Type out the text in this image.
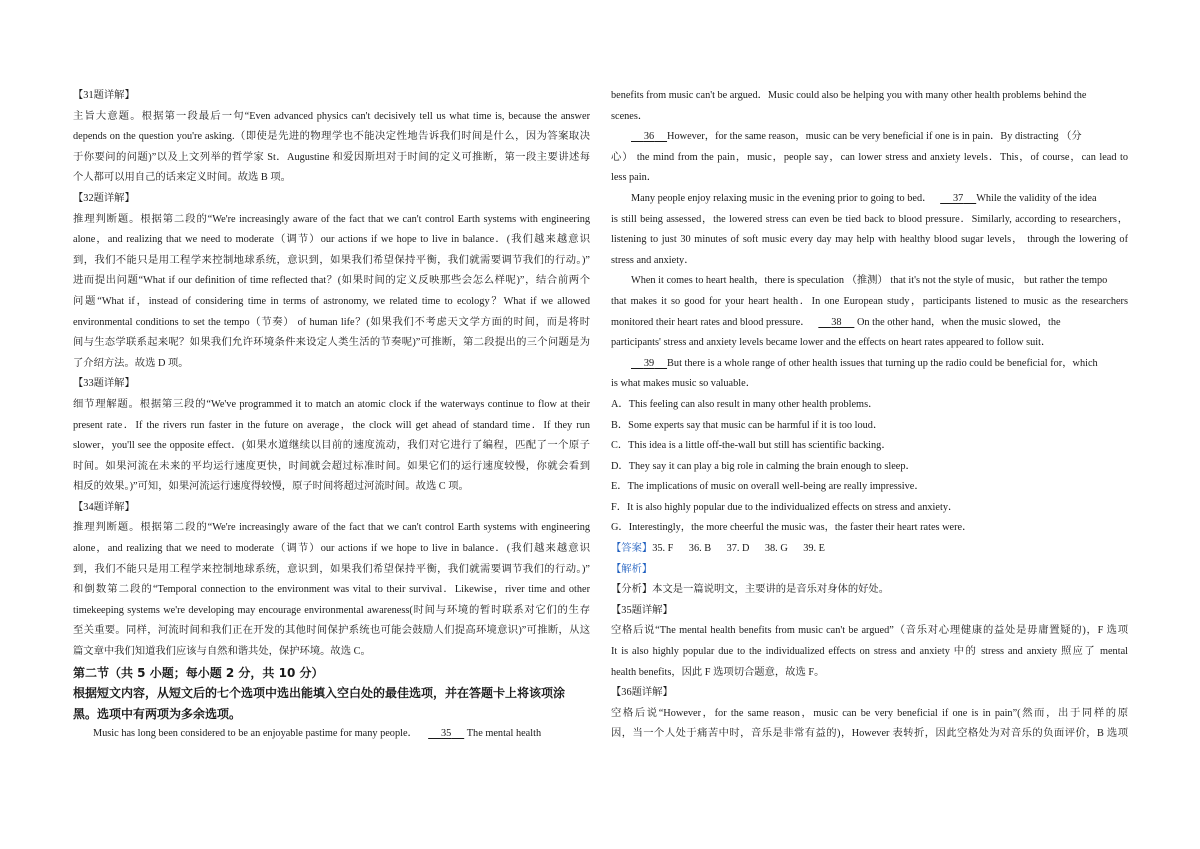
【31题详解】
主旨大意题。根据第一段最后一句“Even advanced physics can't decisively tell us what time is, because the answer
depends on the question you're asking.（即使是先进的物理学也不能决定性地告诉我们时间是什么，因为答案取决
于你要问的问题)”以及上文列举的哲学家 St．Augustine 和爱因斯坦对于时间的定义可推断，第一段主要讲述每
个人都可以用自己的话来定义时间。故选 B 项。
【32题详解】
推理判断题。根据第二段的“We're increasingly aware of the fact that we can't control Earth systems with engineering
alone，and realizing that we need to moderate（调节）our actions if we hope to live in balance．(我们越来越意识
到，我们不能只是用工程学来控制地球系统，意识到，如果我们希望保持平衡，我们就需要调节我们的行动。)”
进而提出问题“What if our definition of time reflected that？(如果时间的定义反映那些会怎么样呢)”，结合前两个
问题“What if，instead of considering time in terms of astronomy, we related time to ecology？What if we allowed
environmental conditions to set the tempo（节奏） of human life？(如果我们不考虑天文学方面的时间，而是将时
间与生态学联系起来呢？如果我们允许环境条件来设定人类生活的节奏呢)”可推断，第二段提出的三个问题是为
了介绍方法。故选 D 项。
【33题详解】
细节理解题。根据第三段的“We've programmed it to match an atomic clock if the waterways continue to flow at their
present rate．If the rivers run faster in the future on average，the clock will get ahead of standard time．If they run
slower，you'll see the opposite effect．(如果水道继续以目前的速度流动，我们对它进行了编程，匹配了一个原子
时间。如果河流在未来的平均运行速度更快，时间就会超过标准时间。如果它们的运行速度较慢，你就会看到
相反的效果。)”可知，如果河流运行速度得较慢，原子时间将超过河流时间。故选 C 项。
【34题详解】
推理判断题。根据第二段的“We're increasingly aware of the fact that we can't control Earth systems with engineering
alone，and realizing that we need to moderate（调节）our actions if we hope to live in balance．(我们越来越意识
到，我们不能只是用工程学来控制地球系统，意识到，如果我们希望保持平衡，我们就需要调节我们的行动。)”
和倒数第二段的“Temporal connection to the environment was vital to their survival．Likewise，river time and other
timekeeping systems we're developing may encourage environmental awareness(时间与环境的暂时联系对它们的生存
至关重要。同样，河流时间和我们正在开发的其他时间保护系统也可能会鼓励人们提高环境意识)”可推断，从这
篇文章中我们知道我们应该与自然和谐共处，保护环境。故选 C。
第二节（共 5 小题；每小题 2 分，共 10 分）
根据短文内容，从短文后的七个选项中选出能填入空白处的最佳选项，并在答题卡上将该项涂
黑。选项中有两项为多余选项。
Music has long been considered to be an enjoyable pastime for many people． 35 The mental health
benefits from music can't be argued．Music could also be helping you with many other health problems behind the
scenes．
36 However，for the same reason，music can be very beneficial if one is in pain．By distracting （分
心） the mind from the pain，music，people say，can lower stress and anxiety levels．This，of course，can lead to
less pain．
Many people enjoy relaxing music in the evening prior to going to bed． 37 While the validity of the idea
is still being assessed，the lowered stress can even be tied back to blood pressure．Similarly, according to researchers，
listening to just 30 minutes of soft music every day may help with healthy blood sugar levels， through the lowering of
stress and anxiety．
When it comes to heart health，there is speculation （推测） that it's not the style of music， but rather the tempo
that makes it so good for your heart health．In one European study，participants listened to music as the researchers
monitored their heart rates and blood pressure． 38 On the other hand，when the music slowed，the
participants' stress and anxiety levels became lower and the effects on heart rates appeared to follow suit．
39 But there is a whole range of other health issues that turning up the radio could be beneficial for，which
is what makes music so valuable．
A．This feeling can also result in many other health problems．
B．Some experts say that music can be harmful if it is too loud．
C．This idea is a little off-the-wall but still has scientific backing．
D．They say it can play a big role in calming the brain enough to sleep．
E．The implications of music on overall well-being are really impressive．
F．It is also highly popular due to the individualized effects on stress and anxiety．
G．Interestingly，the more cheerful the music was，the faster their heart rates were．
【答案】35. F      36. B      37. D      38. G      39. E
【解析】
【分析】本文是一篇说明文，主要讲的是音乐对身体的好处。
【35题详解】
空格后说“The mental health benefits from music can't be argued”（音乐对心理健康的益处是毋庸置疑的)，F 选项
It is also highly popular due to the individualized effects on stress and anxiety 中的 stress and anxiety 照应了 mental
health benefits，因此 F 选项切合题意，故选 F。
【36题详解】
空格后说“However，for the same reason，music can be very beneficial if one is in pain”(然而，出于同样的原
因，当一个人处于痛苦中时，音乐是非常有益的)，However 表转折，因此空格处为对音乐的负面评价，B 选项
